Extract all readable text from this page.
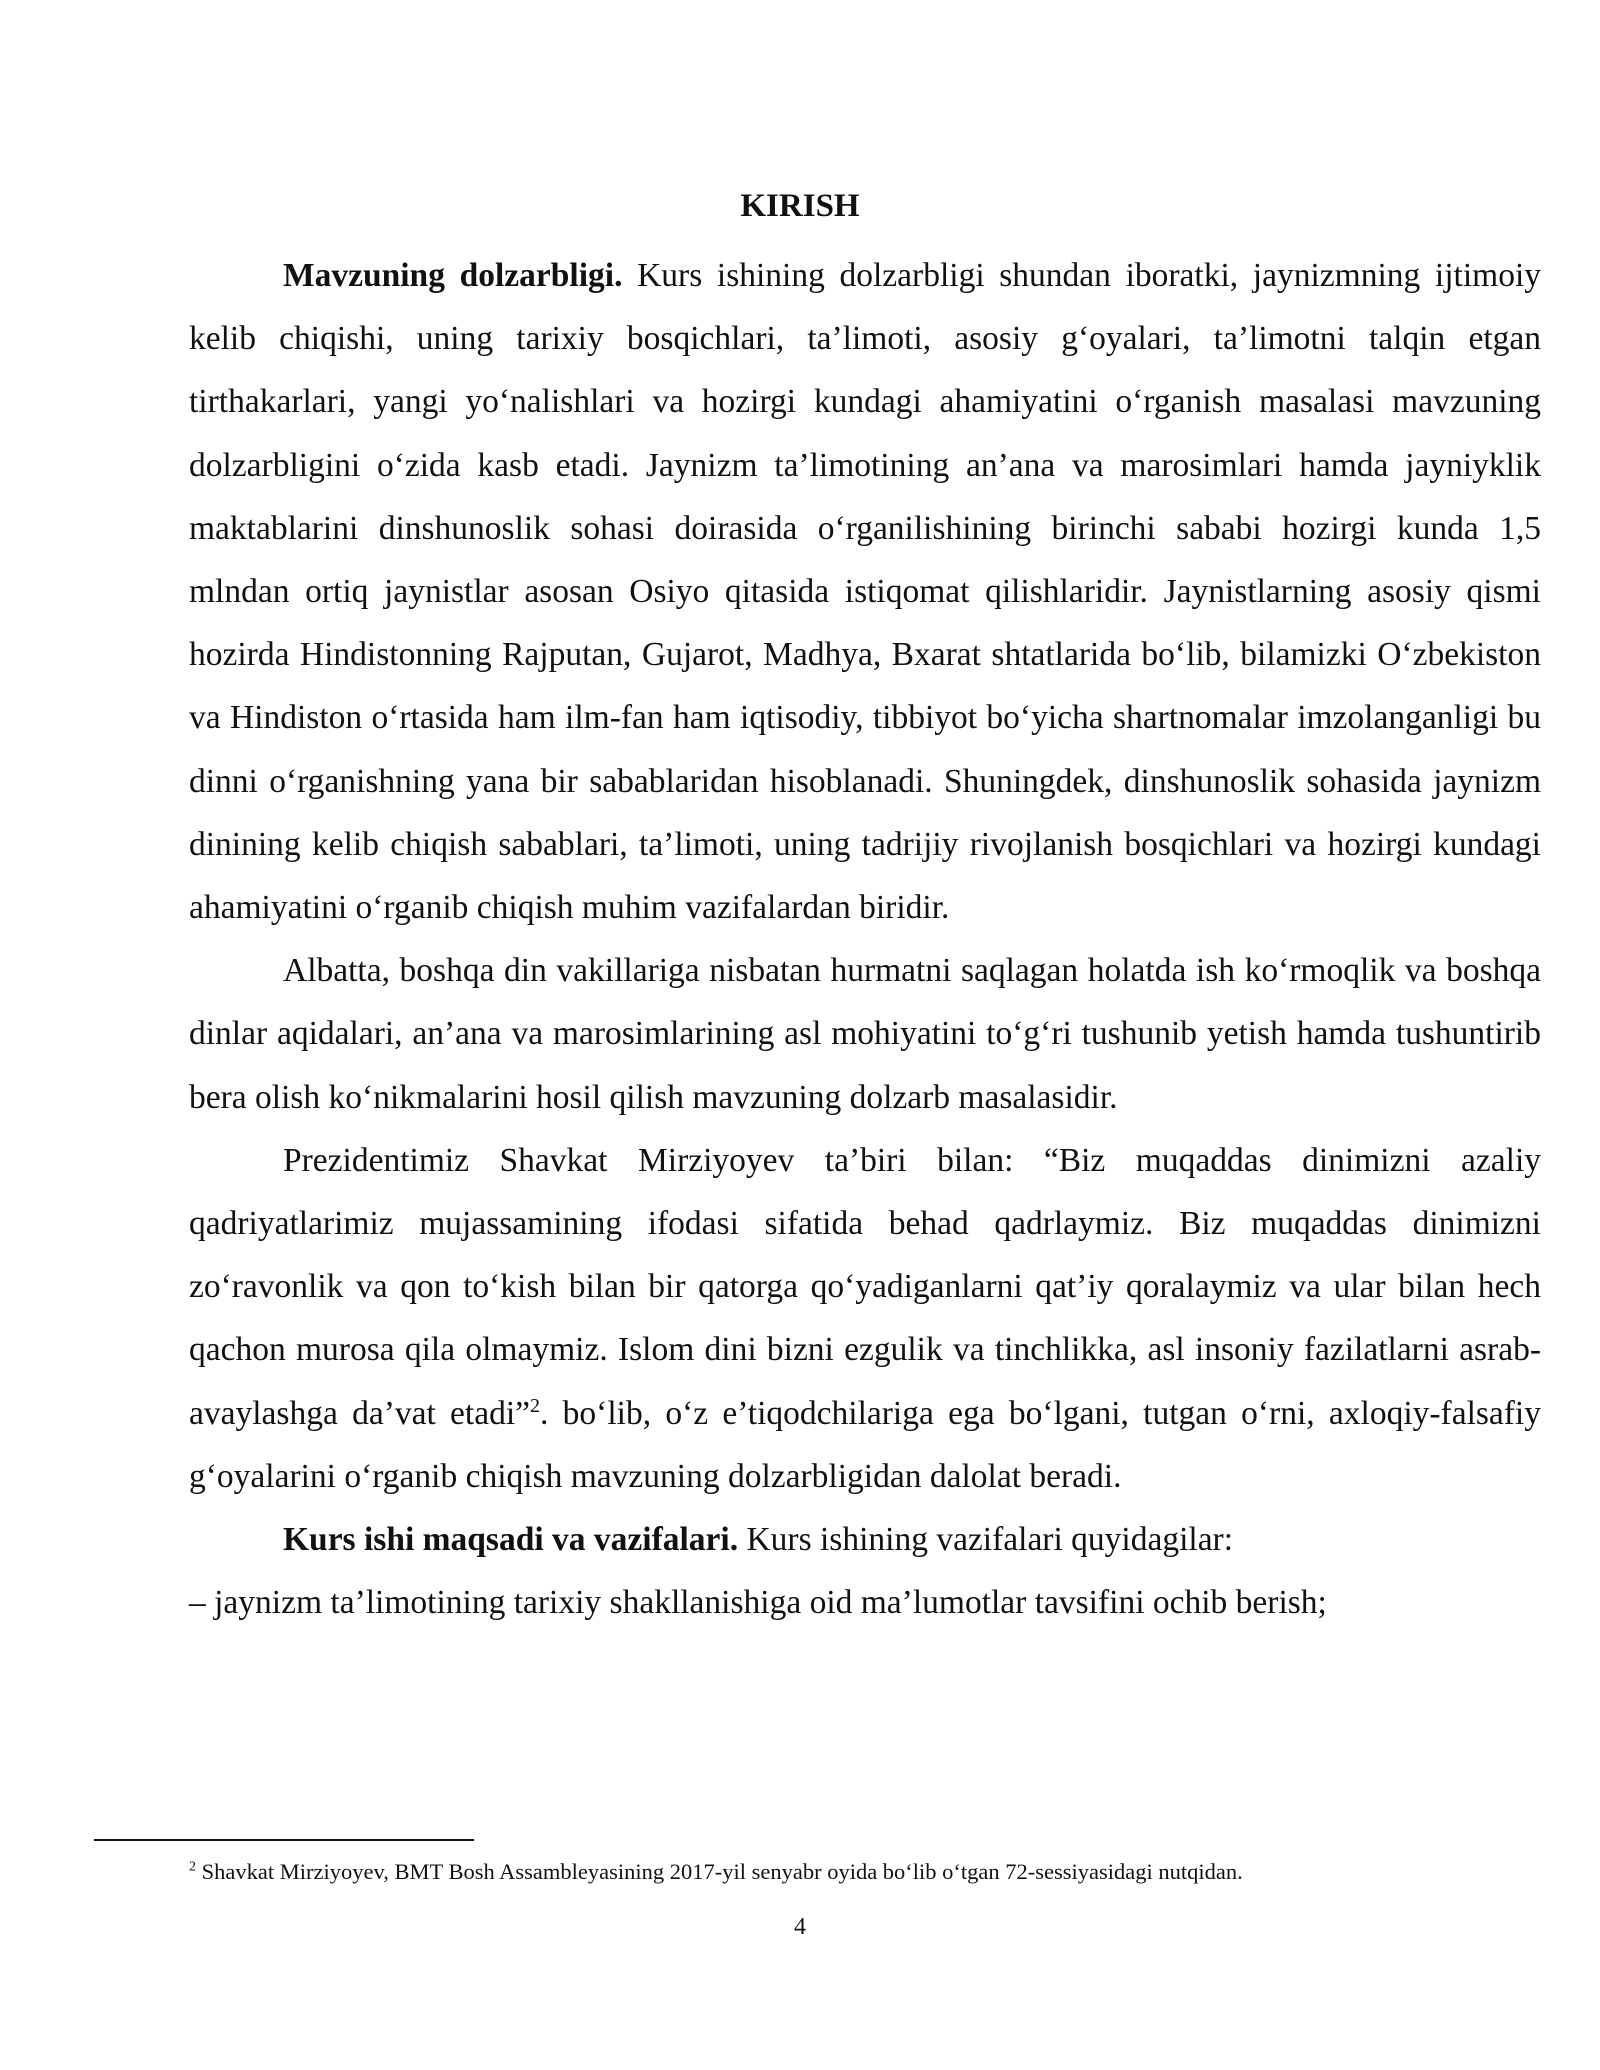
KIRISH

Mavzuning dolzarbligi. Kurs ishining dolzarbligi shundan iboratki, jaynizmning ijtimoiy kelib chiqishi, uning tarixiy bosqichlari, ta’limoti, asosiy g‘oyalari, ta’limotni talqin etgan tirthakarlari, yangi yo‘nalishlari va hozirgi kundagi ahamiyatini o‘rganish masalasi mavzuning dolzarbligini o‘zida kasb etadi. Jaynizm ta’limotining an’ana va marosimlari hamda jayniyklik maktablarini dinshunoslik sohasi doirasida o‘rganilishining birinchi sababi hozirgi kunda 1,5 mlndan ortiq jaynistlar asosan Osiyo qitasida istiqomat qilishlaridir. Jaynistlarning asosiy qismi hozirda Hindistonning Rajputan, Gujarot, Madhya, Bxarat shtatlarida bo‘lib, bilamizki O‘zbekiston va Hindiston o‘rtasida ham ilm-fan ham iqtisodiy, tibbiyot bo‘yicha shartnomalar imzolanganligi bu dinni o‘rganishning yana bir sabablaridan hisoblanadi. Shuningdek, dinshunoslik sohasida jaynizm dinining kelib chiqish sabablari, ta’limoti, uning tadrijiy rivojlanish bosqichlari va hozirgi kundagi ahamiyatini o‘rganib chiqish muhim vazifalardan biridir.

Albatta, boshqa din vakillariga nisbatan hurmatni saqlagan holatda ish ko‘rmoqlik va boshqa dinlar aqidalari, an’ana va marosimlarining asl mohiyatini to‘g‘ri tushunib yetish hamda tushuntirib bera olish ko‘nikmalarini hosil qilish mavzuning dolzarb masalasidir.

Prezidentimiz Shavkat Mirziyoyev ta’biri bilan: “Biz muqaddas dinimizni azaliy qadriyatlarimiz mujassamining ifodasi sifatida behad qadrlaymiz. Biz muqaddas dinimizni zo‘ravonlik va qon to‘kish bilan bir qatorga qo‘yadiganlarni qat’iy qoralaymiz va ular bilan hech qachon murosa qila olmaymiz. Islom dini bizni ezgulik va tinchlikka, asl insoniy fazilatlarni asrab-avaylashga da’vat etadi”$^2$. bo‘lib, o‘z e’tiqodchilariga ega bo‘lgani, tutgan o‘rni, axloqiy-falsafiy g‘oyalarini o‘rganib chiqish mavzuning dolzarbligidan dalolat beradi.

Kurs ishi maqsadi va vazifalari. Kurs ishining vazifalari quyidagilar:

– jaynizm ta’limotining tarixiy shakllanishiga oid ma’lumotlar tavsifini ochib berish;

$^2$ Shavkat Mirziyoyev, BMT Bosh Assambleyasining 2017-yil senyabr oyida bo‘lib o‘tgan 72-sessiyasidagi nutqidan.
4
